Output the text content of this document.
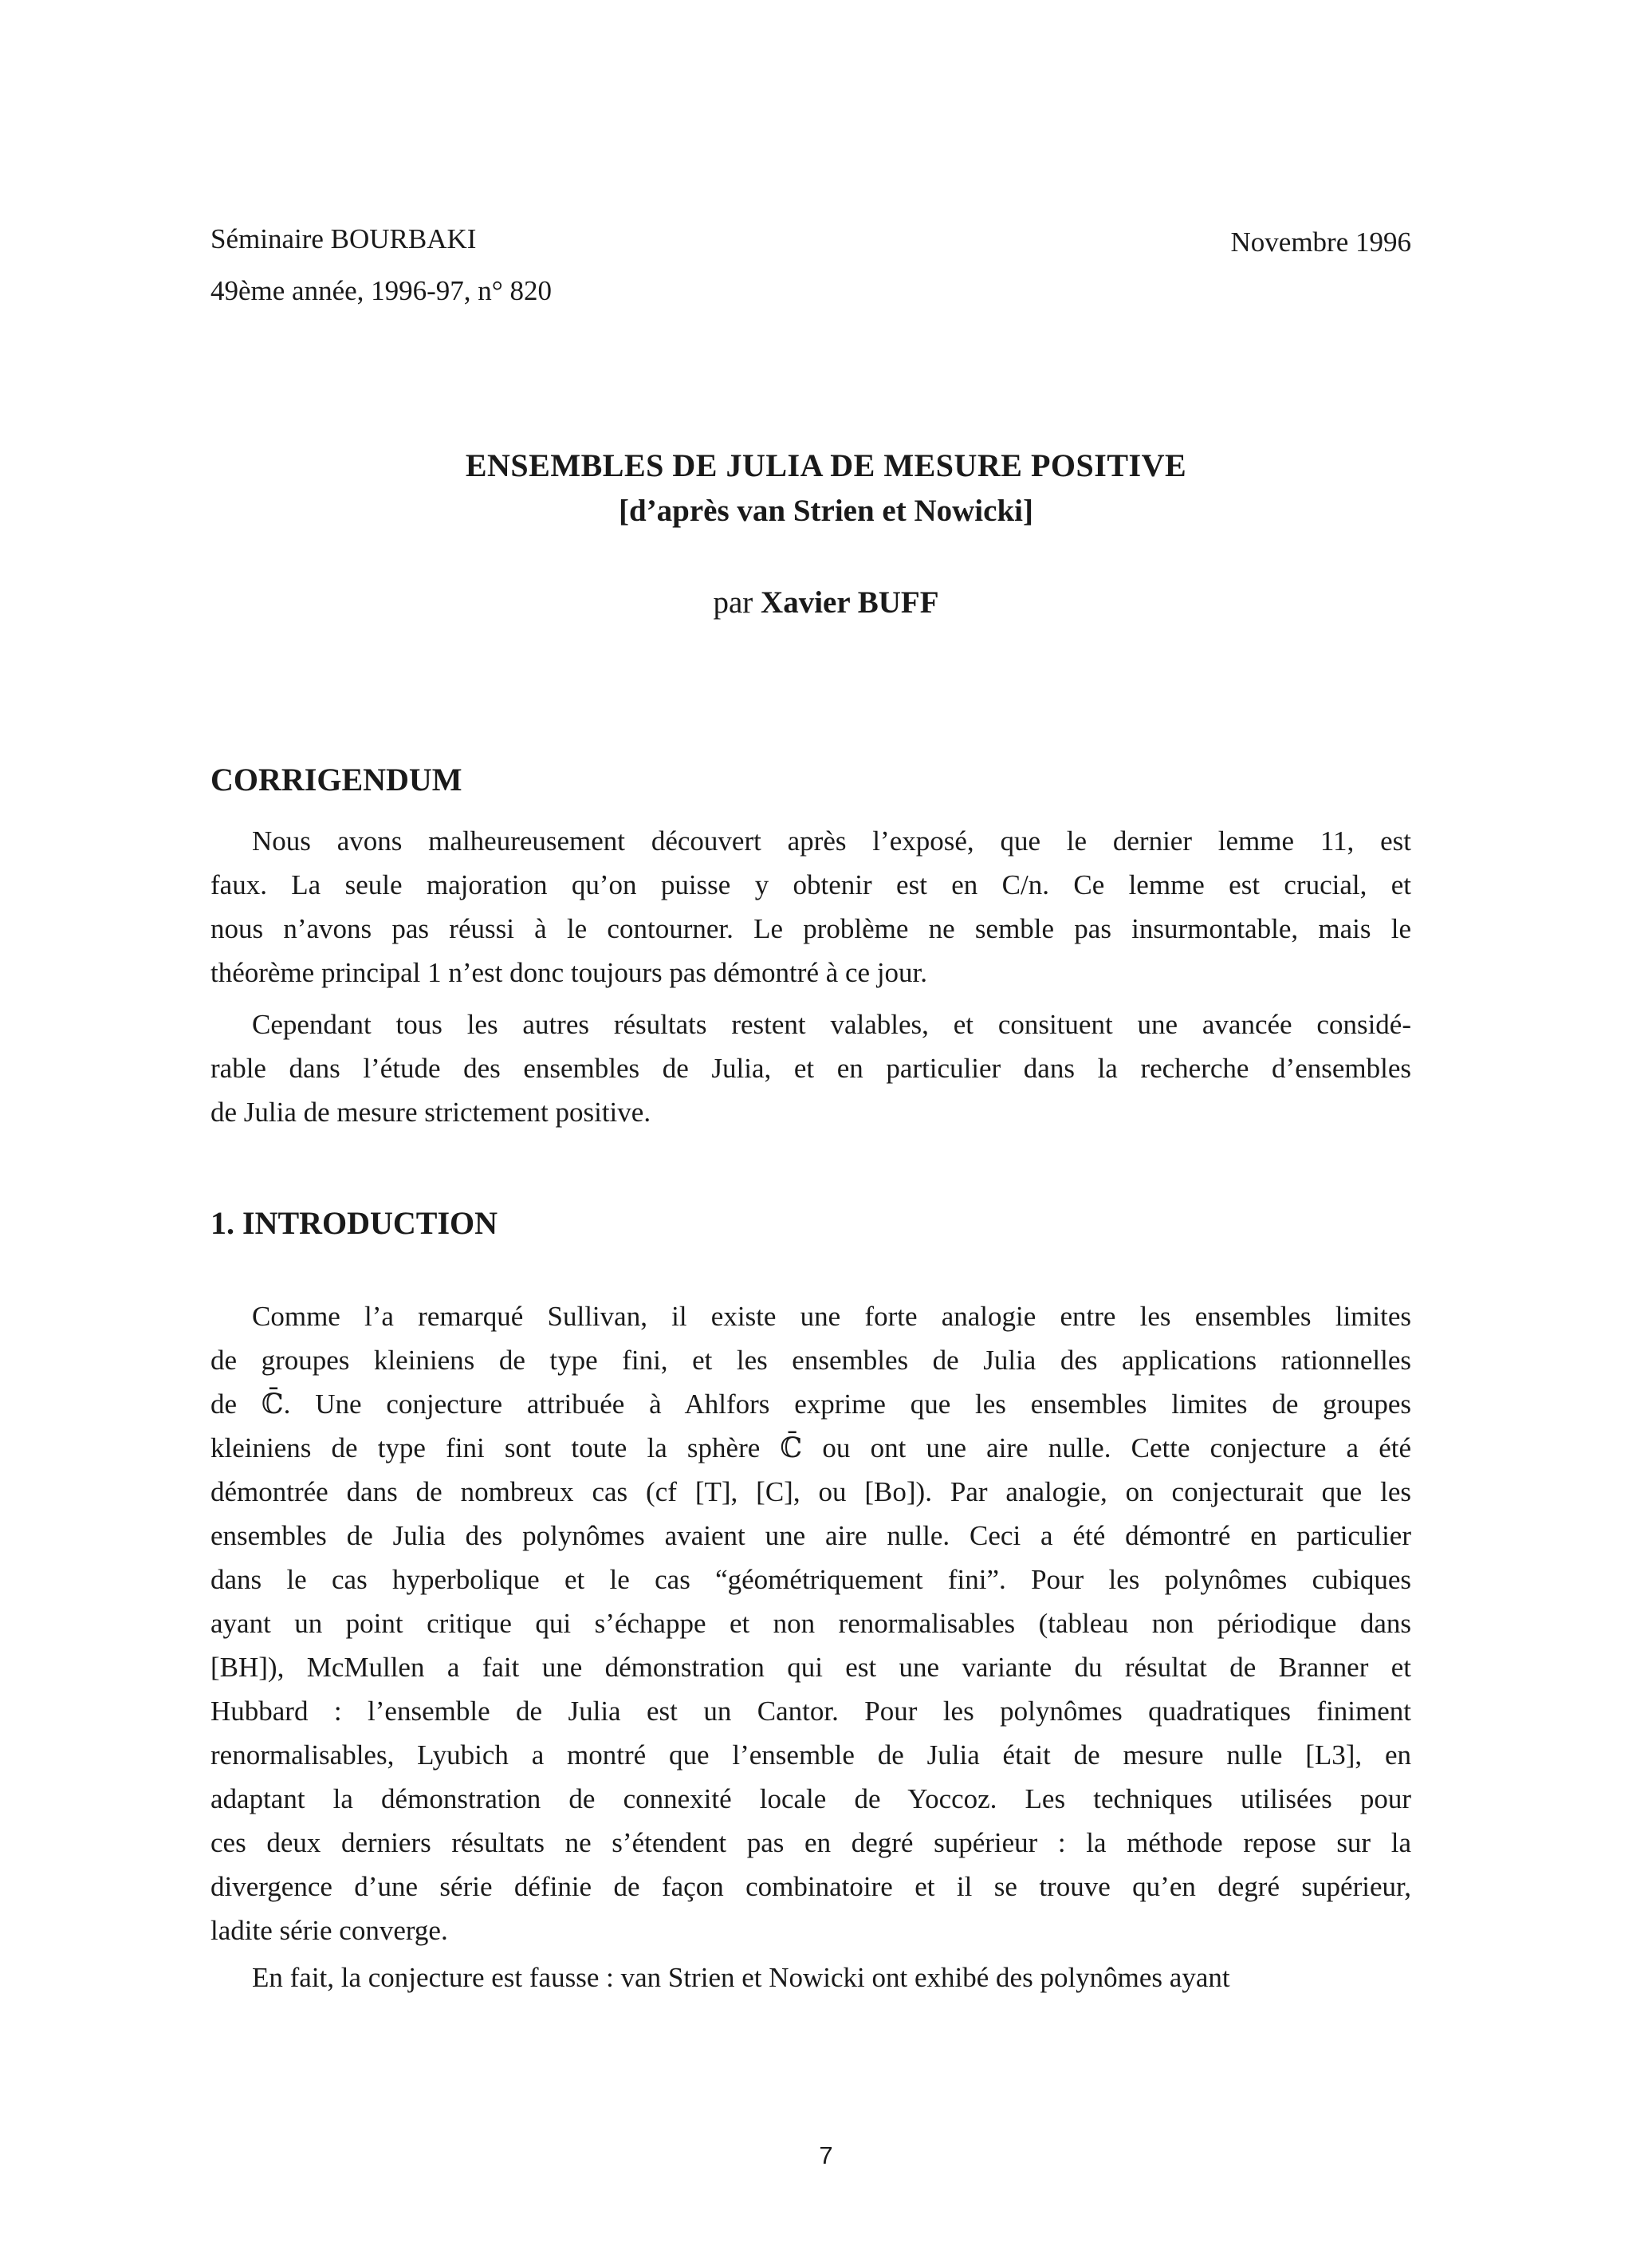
Séminaire BOURBAKI
49ème année, 1996-97, n° 820
Novembre 1996
ENSEMBLES DE JULIA DE MESURE POSITIVE
[d’après van Strien et Nowicki]
par Xavier BUFF
CORRIGENDUM
Nous avons malheureusement découvert après l’exposé, que le dernier lemme 11, est
faux. La seule majoration qu’on puisse y obtenir est en C/n. Ce lemme est crucial, et
nous n’avons pas réussi à le contourner. Le problème ne semble pas insurmontable, mais le
théorème principal 1 n’est donc toujours pas démontré à ce jour.
Cependant tous les autres résultats restent valables, et consituent une avancée considé-
rable dans l’étude des ensembles de Julia, et en particulier dans la recherche d’ensembles
de Julia de mesure strictement positive.
1. INTRODUCTION
Comme l’a remarqué Sullivan, il existe une forte analogie entre les ensembles limites
de groupes kleiniens de type fini, et les ensembles de Julia des applications rationnelles
de ℂ̄. Une conjecture attribuée à Ahlfors exprime que les ensembles limites de groupes
kleiniens de type fini sont toute la sphère ℂ̄ ou ont une aire nulle. Cette conjecture a été
démontrée dans de nombreux cas (cf [T], [C], ou [Bo]). Par analogie, on conjecturait que les
ensembles de Julia des polynômes avaient une aire nulle. Ceci a été démontré en particulier
dans le cas hyperbolique et le cas “géométriquement fini”. Pour les polynômes cubiques
ayant un point critique qui s’échappe et non renormalisables (tableau non périodique dans
[BH]), McMullen a fait une démonstration qui est une variante du résultat de Branner et
Hubbard : l’ensemble de Julia est un Cantor. Pour les polynômes quadratiques finiment
renormalisables, Lyubich a montré que l’ensemble de Julia était de mesure nulle [L3], en
adaptant la démonstration de connexité locale de Yoccoz. Les techniques utilisées pour
ces deux derniers résultats ne s’étendent pas en degré supérieur : la méthode repose sur la
divergence d’une série définie de façon combinatoire et il se trouve qu’en degré supérieur,
ladite série converge.
En fait, la conjecture est fausse : van Strien et Nowicki ont exhibé des polynômes ayant
7
